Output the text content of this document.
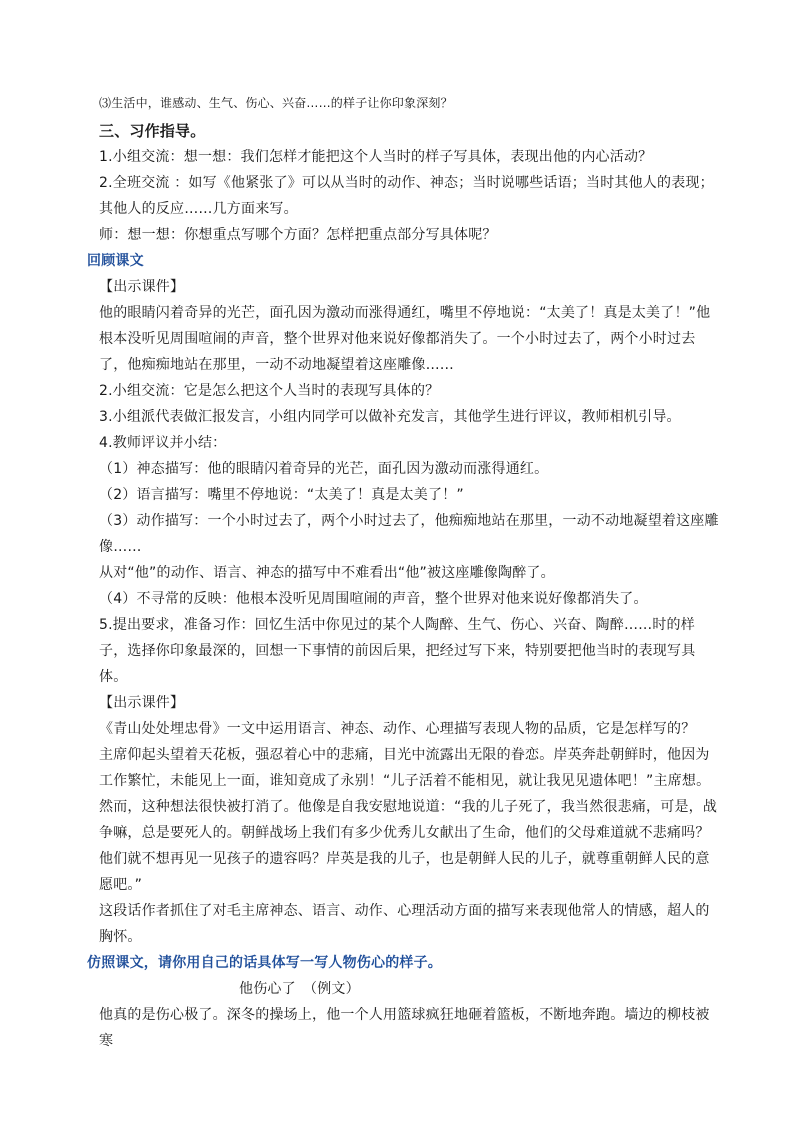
⑶生活中，谁感动、生气、伤心、兴奋……的样子让你印象深刻？

三、习作指导。

1.小组交流：想一想：我们怎样才能把这个人当时的样子写具体，表现出他的内心活动？

2.全班交流 ：如写《他紧张了》可以从当时的动作、神态；当时说哪些话语；当时其他人的表现；其他人的反应……几方面来写。

师：想一想：你想重点写哪个方面？怎样把重点部分写具体呢？

回顾课文

【出示课件】

他的眼睛闪着奇异的光芒，面孔因为激动而涨得通红，嘴里不停地说：“太美了！真是太美了！”他根本没听见周围喧闹的声音，整个世界对他来说好像都消失了。一个小时过去了，两个小时过去了，他痴痴地站在那里，一动不动地凝望着这座雕像……

2.小组交流：它是怎么把这个人当时的表现写具体的？

3.小组派代表做汇报发言，小组内同学可以做补充发言，其他学生进行评议，教师相机引导。

4.教师评议并小结：

（1）神态描写：他的眼睛闪着奇异的光芒，面孔因为激动而涨得通红。

（2）语言描写：嘴里不停地说：“太美了！真是太美了！”

（3）动作描写：一个小时过去了，两个小时过去了，他痴痴地站在那里，一动不动地凝望着这座雕像……

从对“他”的动作、语言、神态的描写中不难看出“他”被这座雕像陶醉了。

（4）不寻常的反映：他根本没听见周围喧闹的声音，整个世界对他来说好像都消失了。

5.提出要求，准备习作：回忆生活中你见过的某个人陶醉、生气、伤心、兴奋、陶醉……时的样子，选择你印象最深的，回想一下事情的前因后果，把经过写下来，特别要把他当时的表现写具体。

【出示课件】

《青山处处埋忠骨》一文中运用语言、神态、动作、心理描写表现人物的品质，它是怎样写的？

主席仰起头望着天花板，强忍着心中的悲痛，目光中流露出无限的眷恋。岸英奔赴朝鲜时，他因为工作繁忙，未能见上一面，谁知竟成了永别！“儿子活着不能相见，就让我见见遗体吧！”主席想。

然而，这种想法很快被打消了。他像是自我安慰地说道：“我的儿子死了，我当然很悲痛，可是，战争嘛，总是要死人的。朝鲜战场上我们有多少优秀儿女献出了生命，他们的父母难道就不悲痛吗？他们就不想再见一见孩子的遗容吗？岸英是我的儿子，也是朝鲜人民的儿子，就尊重朝鲜人民的意愿吧。”

这段话作者抓住了对毛主席神态、语言、动作、心理活动方面的描写来表现他常人的情感，超人的胸怀。

仿照课文，请你用自己的话具体写一写人物伤心的样子。

他伤心了　（例文）

他真的是伤心极了。深冬的操场上，他一个人用篮球疯狂地砸着篮板，不断地奔跑。墙边的柳枝被寒
